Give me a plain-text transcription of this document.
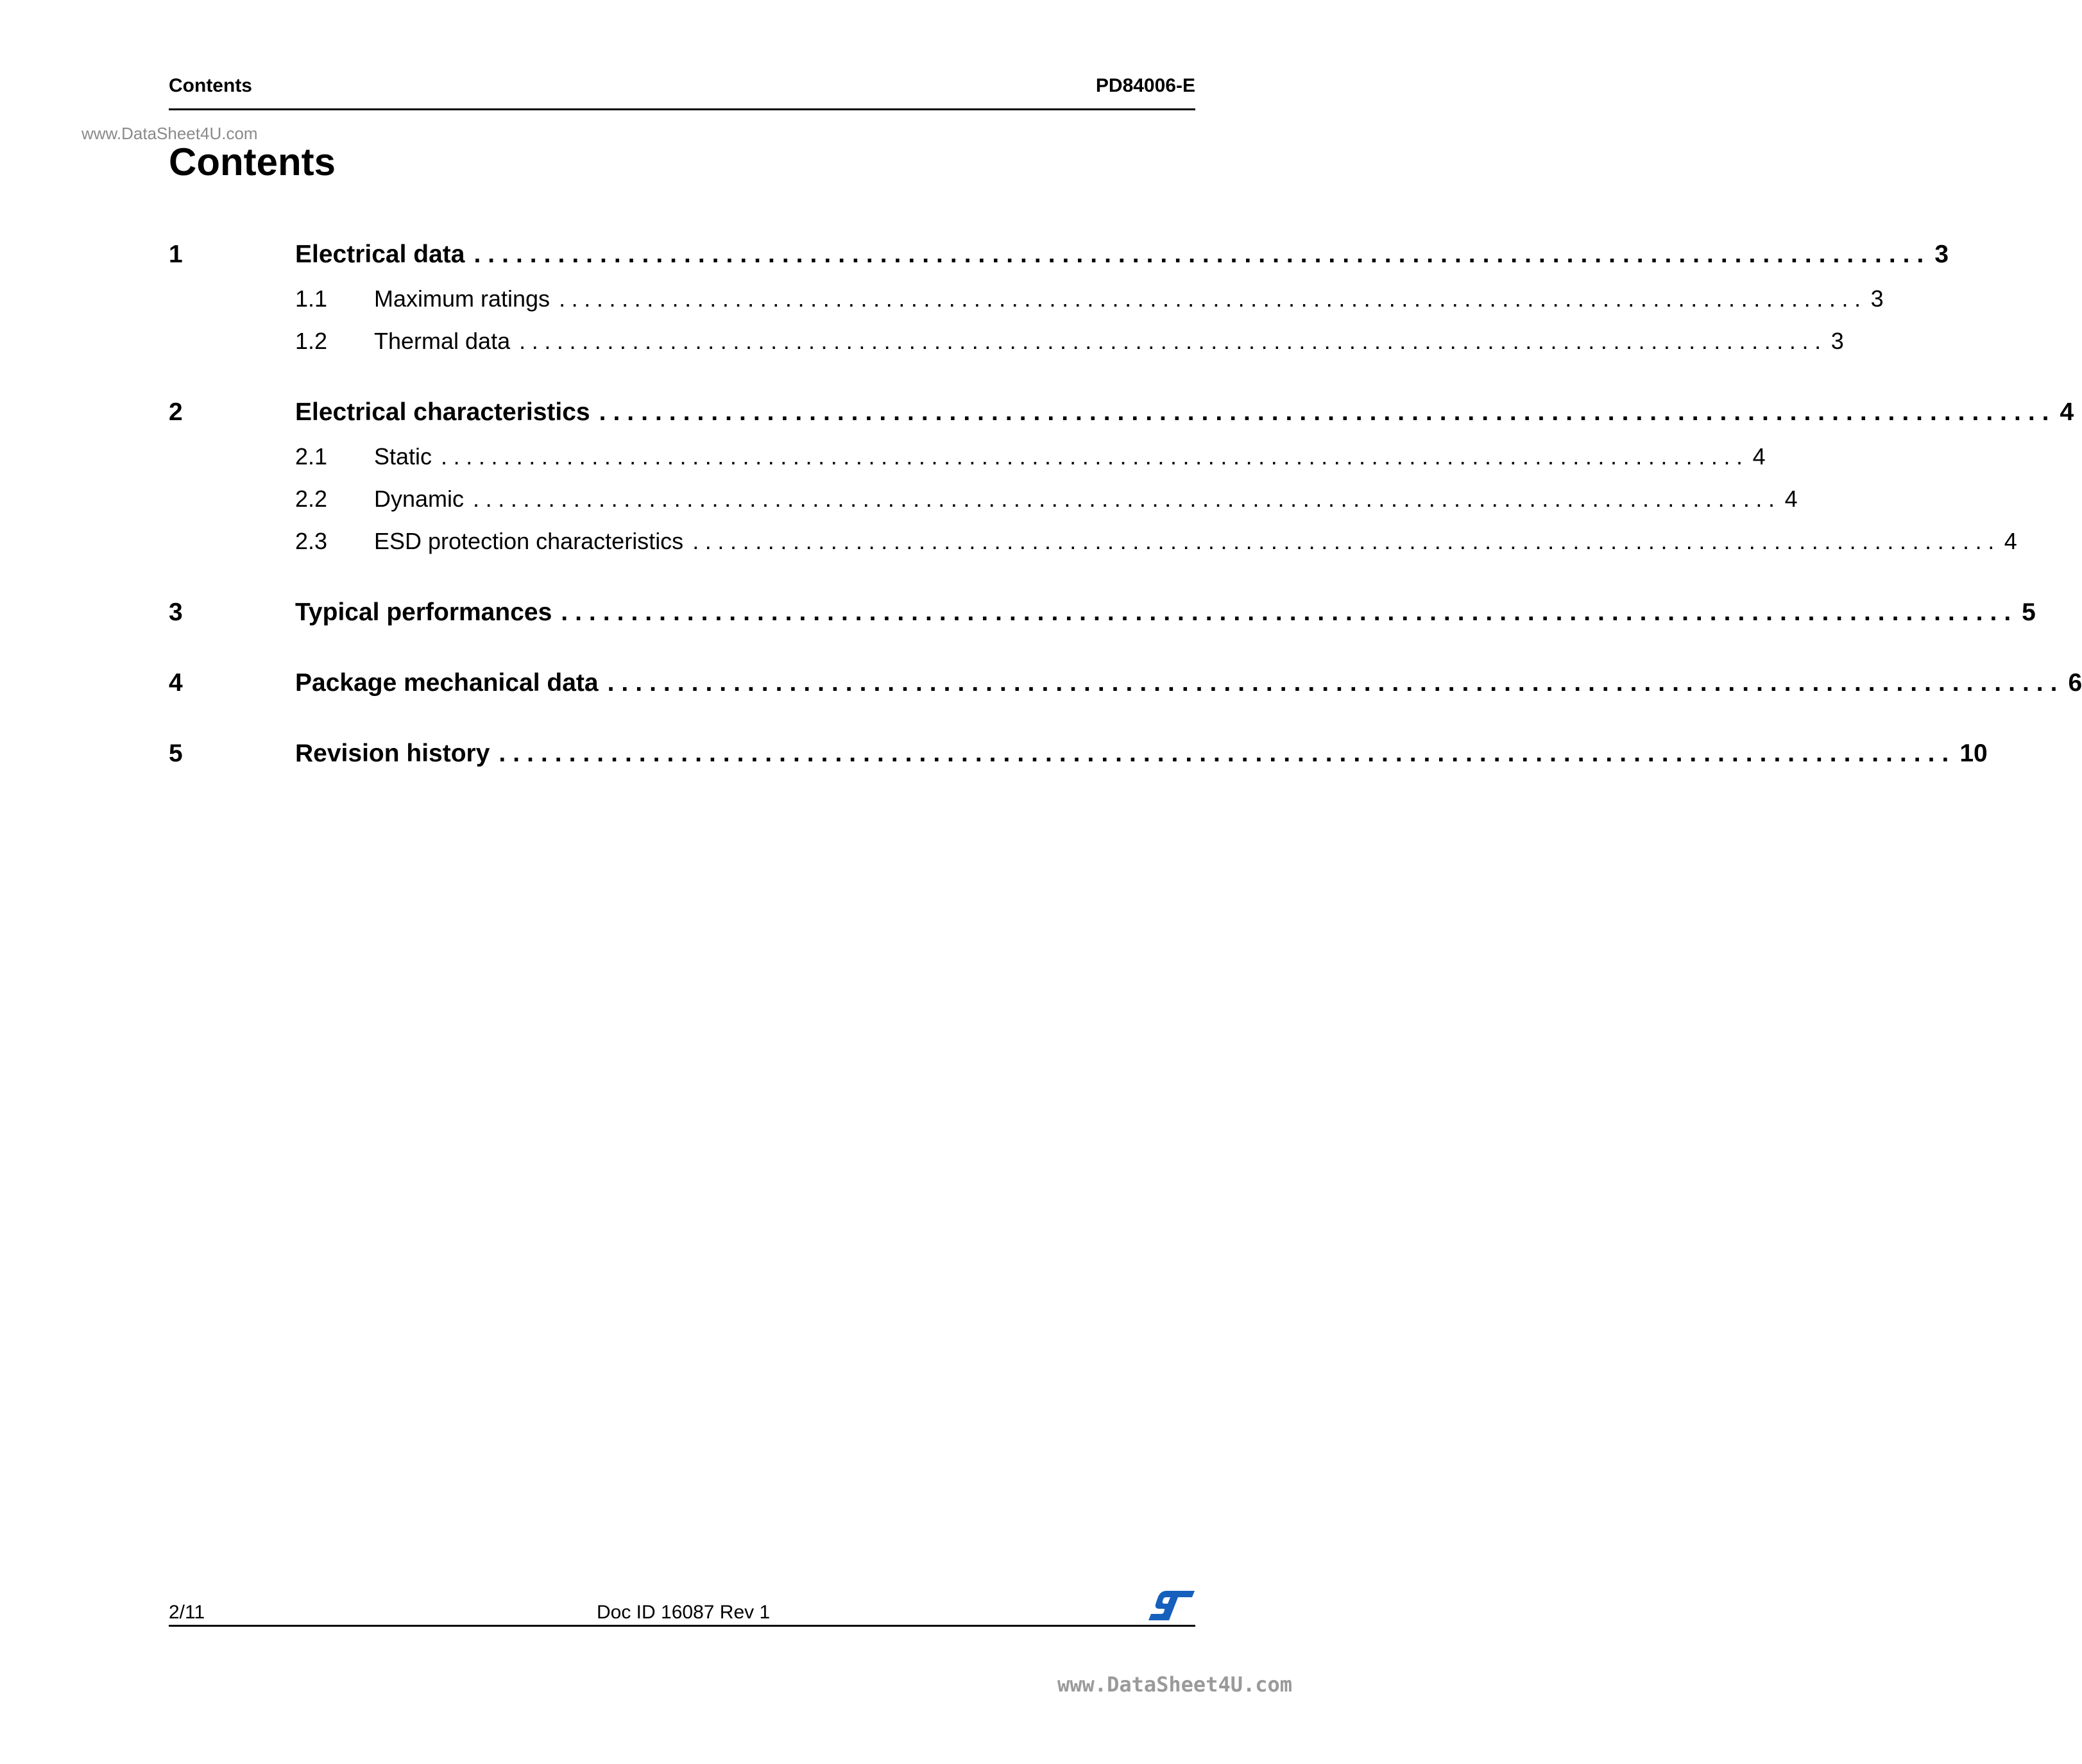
Contents	PD84006-E
www.DataSheet4U.com
Contents
1	Electrical data ........................................................................................................ 3
1.1 Maximum ratings ........................................................................................................ 3
1.2 Thermal data ........................................................................................................ 3
2	Electrical characteristics ........................................................................................................ 4
2.1 Static ........................................................................................................ 4
2.2 Dynamic ........................................................................................................ 4
2.3 ESD protection characteristics ........................................................................................................ 4
3	Typical performances ........................................................................................................ 5
4	Package mechanical data ........................................................................................................ 6
5	Revision history ........................................................................................................ 10
2/11	Doc ID 16087 Rev 1
www.DataSheet4U.com
